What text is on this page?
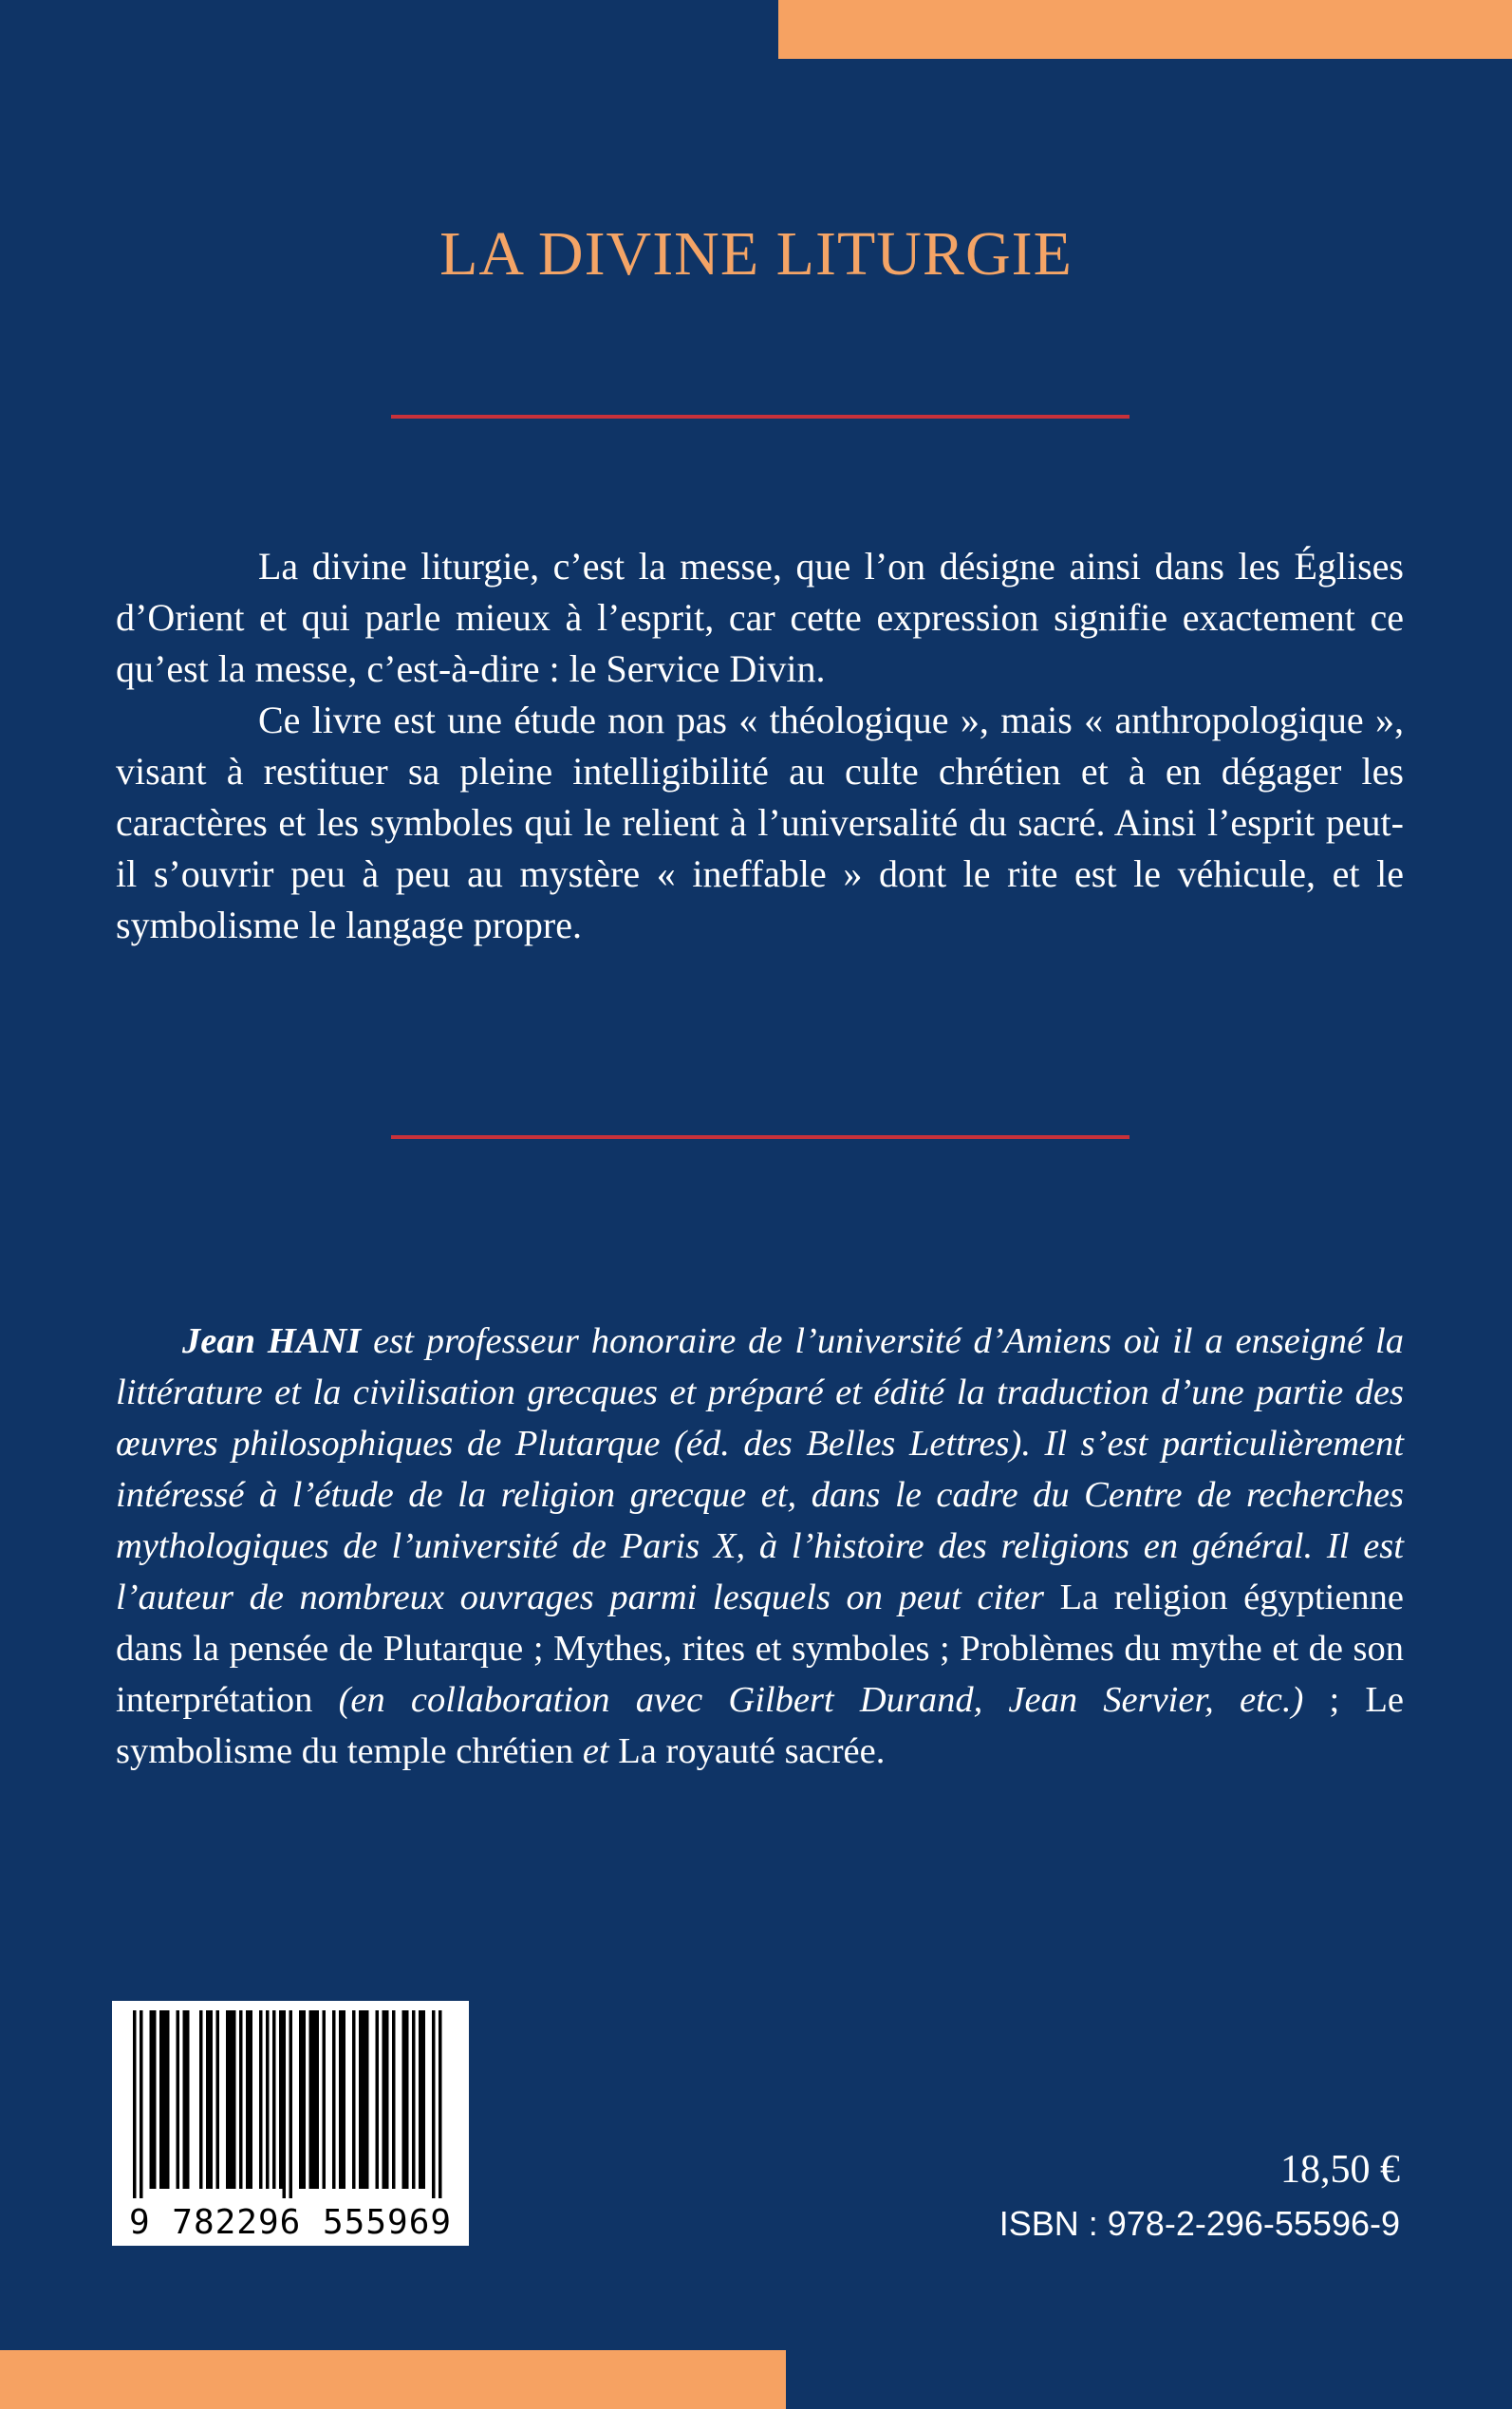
LA DIVINE LITURGIE

La divine liturgie, c’est la messe, que l’on désigne ainsi dans les Églises d’Orient et qui parle mieux à l’esprit, car cette expression signifie exactement ce qu’est la messe, c’est-à-dire : le Service Divin.

Ce livre est une étude non pas « théologique », mais « anthropologique », visant à restituer sa pleine intelligibilité au culte chrétien et à en dégager les caractères et les symboles qui le relient à l’universalité du sacré. Ainsi l’esprit peut-il s’ouvrir peu à peu au mystère « ineffable » dont le rite est le véhicule, et le symbolisme le langage propre.

Jean HANI est professeur honoraire de l’université d’Amiens où il a enseigné la littérature et la civilisation grecques et préparé et édité la traduction d’une partie des œuvres philosophiques de Plutarque (éd. des Belles Lettres). Il s’est particulièrement intéressé à l’étude de la religion grecque et, dans le cadre du Centre de recherches mythologiques de l’université de Paris X, à l’histoire des religions en général. Il est l’auteur de nombreux ouvrages parmi lesquels on peut citer La religion égyptienne dans la pensée de Plutarque ; Mythes, rites et symboles ; Problèmes du mythe et de son interprétation (en collaboration avec Gilbert Durand, Jean Servier, etc.) ; Le symbolisme du temple chrétien et La royauté sacrée.

9 782296 555969
18,50 €
ISBN : 978-2-296-55596-9
